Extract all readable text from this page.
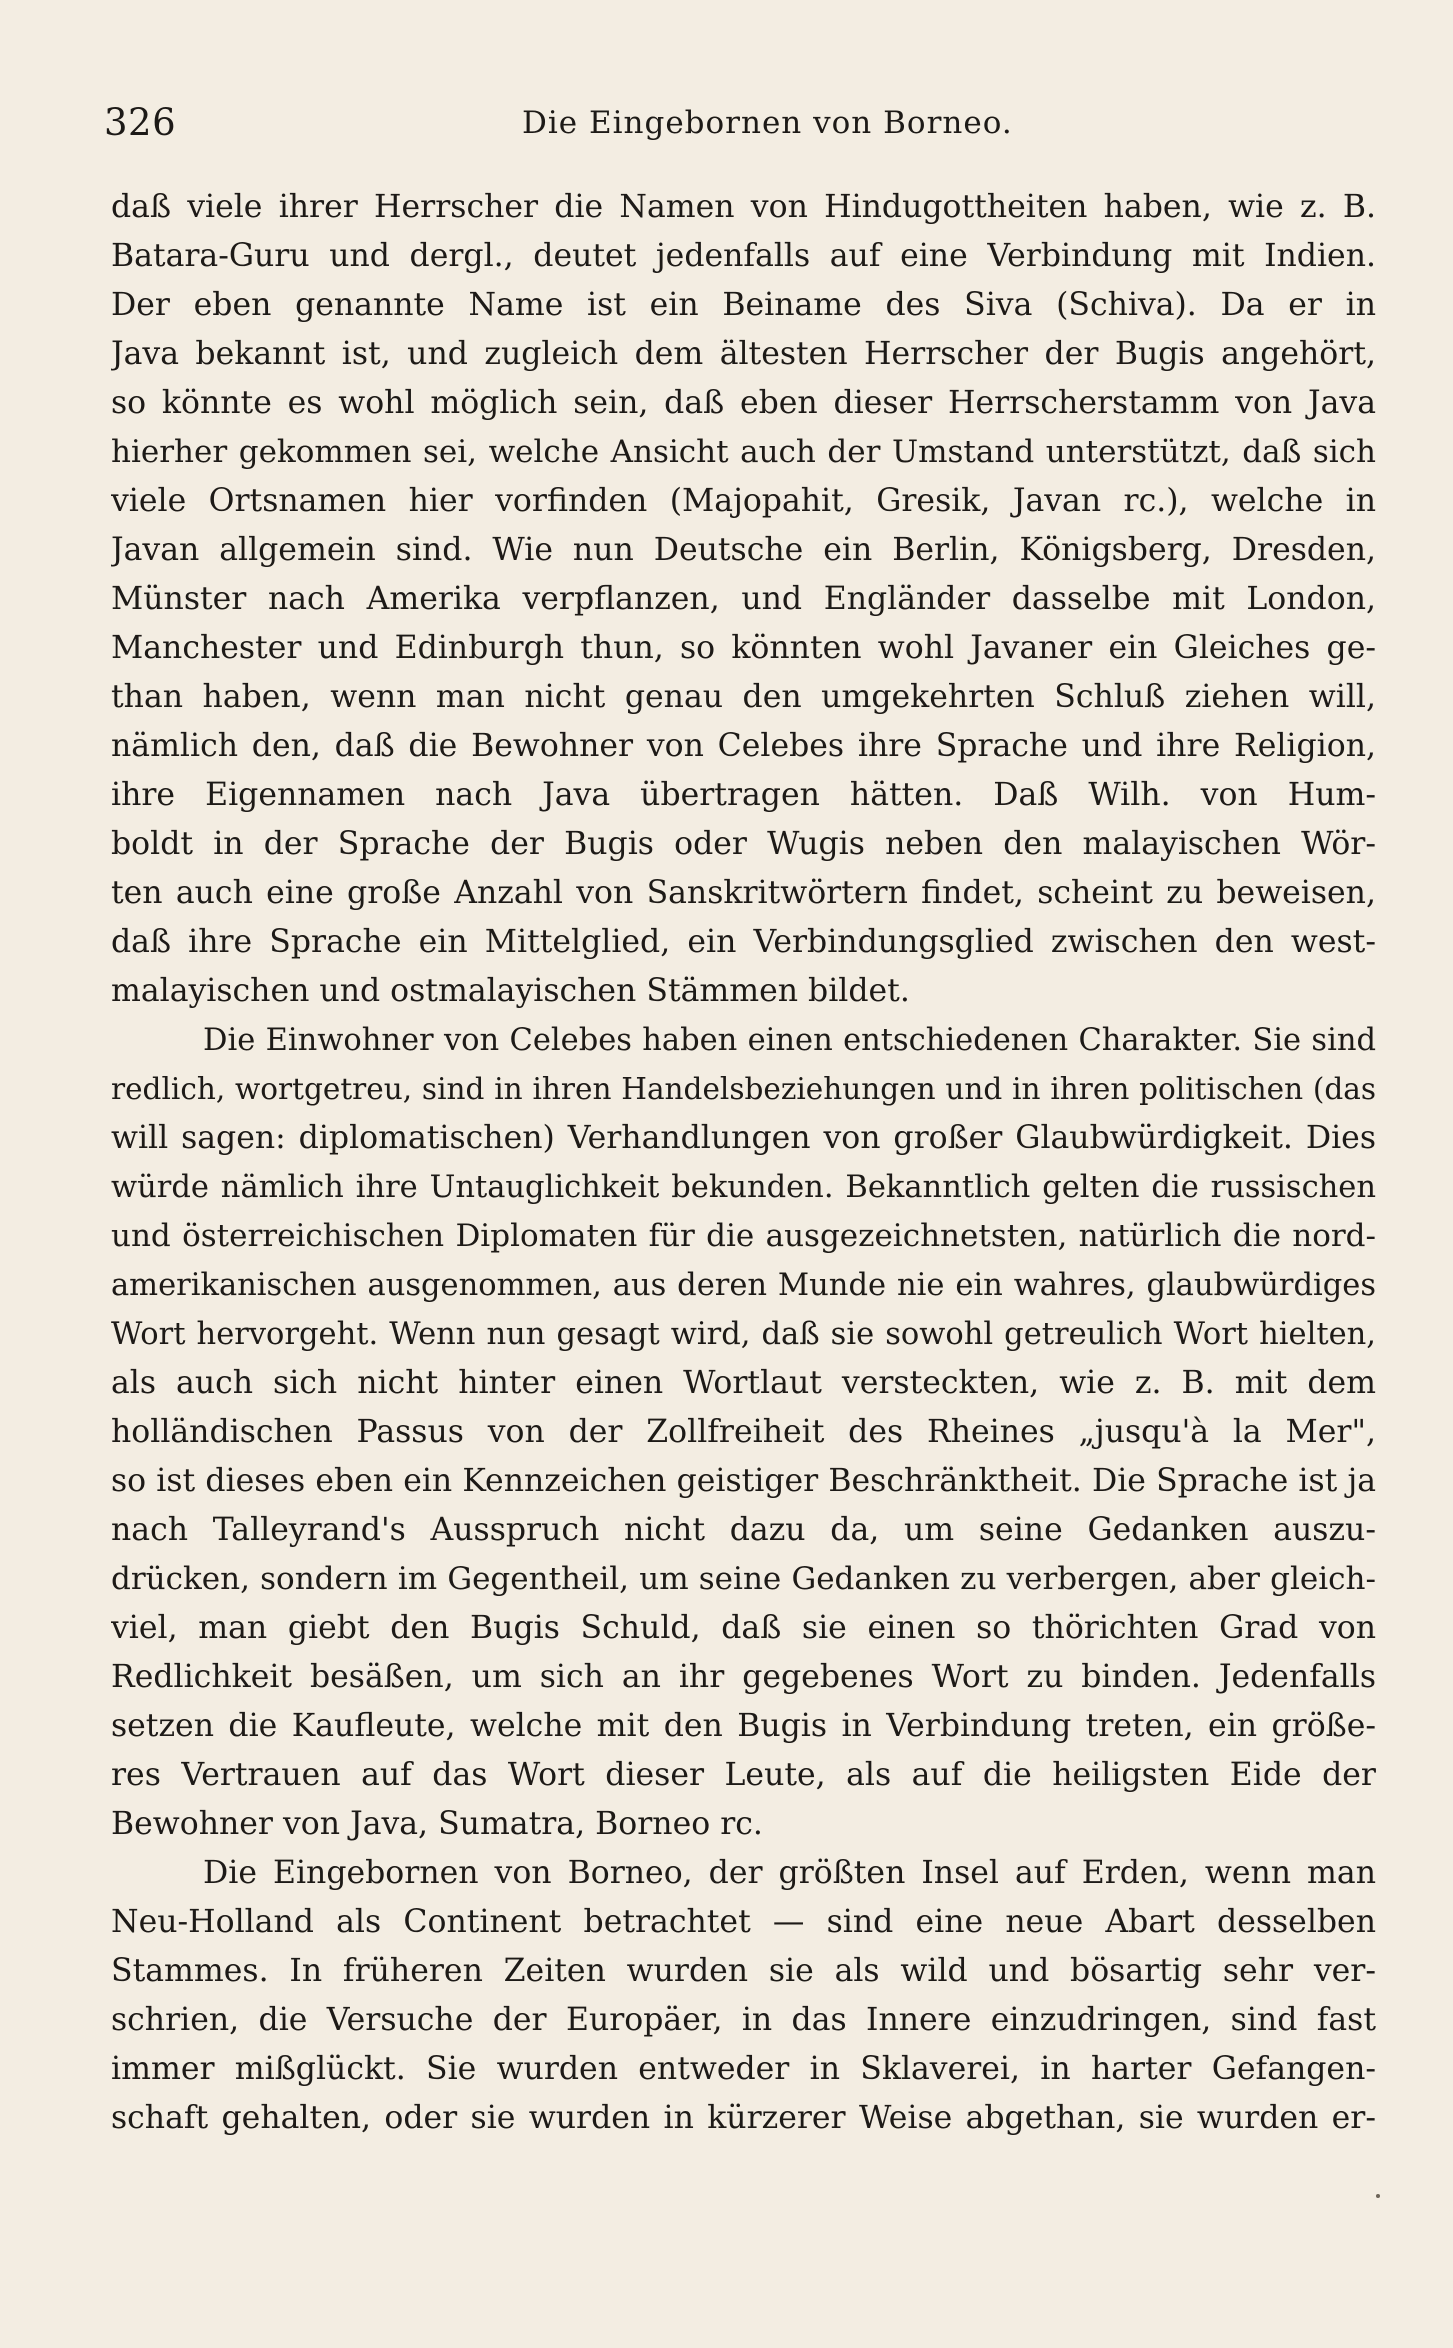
326	Die Eingebornen von Borneo.
daß viele ihrer Herrscher die Namen von Hindugottheiten haben, wie z. B.
Batara-Guru und dergl., deutet jedenfalls auf eine Verbindung mit Indien.
Der eben genannte Name ist ein Beiname des Siva (Schiva). Da er in
Java bekannt ist, und zugleich dem ältesten Herrscher der Bugis angehört,
so könnte es wohl möglich sein, daß eben dieser Herrscherstamm von Java
hierher gekommen sei, welche Ansicht auch der Umstand unterstützt, daß sich
viele Ortsnamen hier vorfinden (Majopahit, Gresik, Javan rc.), welche in
Javan allgemein sind. Wie nun Deutsche ein Berlin, Königsberg, Dresden,
Münster nach Amerika verpflanzen, und Engländer dasselbe mit London,
Manchester und Edinburgh thun, so könnten wohl Javaner ein Gleiches ge-
than haben, wenn man nicht genau den umgekehrten Schluß ziehen will,
nämlich den, daß die Bewohner von Celebes ihre Sprache und ihre Religion,
ihre Eigennamen nach Java übertragen hätten. Daß Wilh. von Hum-
boldt in der Sprache der Bugis oder Wugis neben den malayischen Wör-
ten auch eine große Anzahl von Sanskritwörtern findet, scheint zu beweisen,
daß ihre Sprache ein Mittelglied, ein Verbindungsglied zwischen den west-
malayischen und ostmalayischen Stämmen bildet.
Die Einwohner von Celebes haben einen entschiedenen Charakter. Sie sind
redlich, wortgetreu, sind in ihren Handelsbeziehungen und in ihren politischen (das
will sagen: diplomatischen) Verhandlungen von großer Glaubwürdigkeit. Dies
würde nämlich ihre Untauglichkeit bekunden. Bekanntlich gelten die russischen
und österreichischen Diplomaten für die ausgezeichnetsten, natürlich die nord-
amerikanischen ausgenommen, aus deren Munde nie ein wahres, glaubwürdiges
Wort hervorgeht. Wenn nun gesagt wird, daß sie sowohl getreulich Wort hielten,
als auch sich nicht hinter einen Wortlaut versteckten, wie z. B. mit dem
holländischen Passus von der Zollfreiheit des Rheines „jusqu'à la Mer",
so ist dieses eben ein Kennzeichen geistiger Beschränktheit. Die Sprache ist ja
nach Talleyrand's Ausspruch nicht dazu da, um seine Gedanken auszu-
drücken, sondern im Gegentheil, um seine Gedanken zu verbergen, aber gleich-
viel, man giebt den Bugis Schuld, daß sie einen so thörichten Grad von
Redlichkeit besäßen, um sich an ihr gegebenes Wort zu binden. Jedenfalls
setzen die Kaufleute, welche mit den Bugis in Verbindung treten, ein größe-
res Vertrauen auf das Wort dieser Leute, als auf die heiligsten Eide der
Bewohner von Java, Sumatra, Borneo rc.
Die Eingebornen von Borneo, der größten Insel auf Erden, wenn man
Neu-Holland als Continent betrachtet — sind eine neue Abart desselben
Stammes. In früheren Zeiten wurden sie als wild und bösartig sehr ver-
schrien, die Versuche der Europäer, in das Innere einzudringen, sind fast
immer mißglückt. Sie wurden entweder in Sklaverei, in harter Gefangen-
schaft gehalten, oder sie wurden in kürzerer Weise abgethan, sie wurden er-
